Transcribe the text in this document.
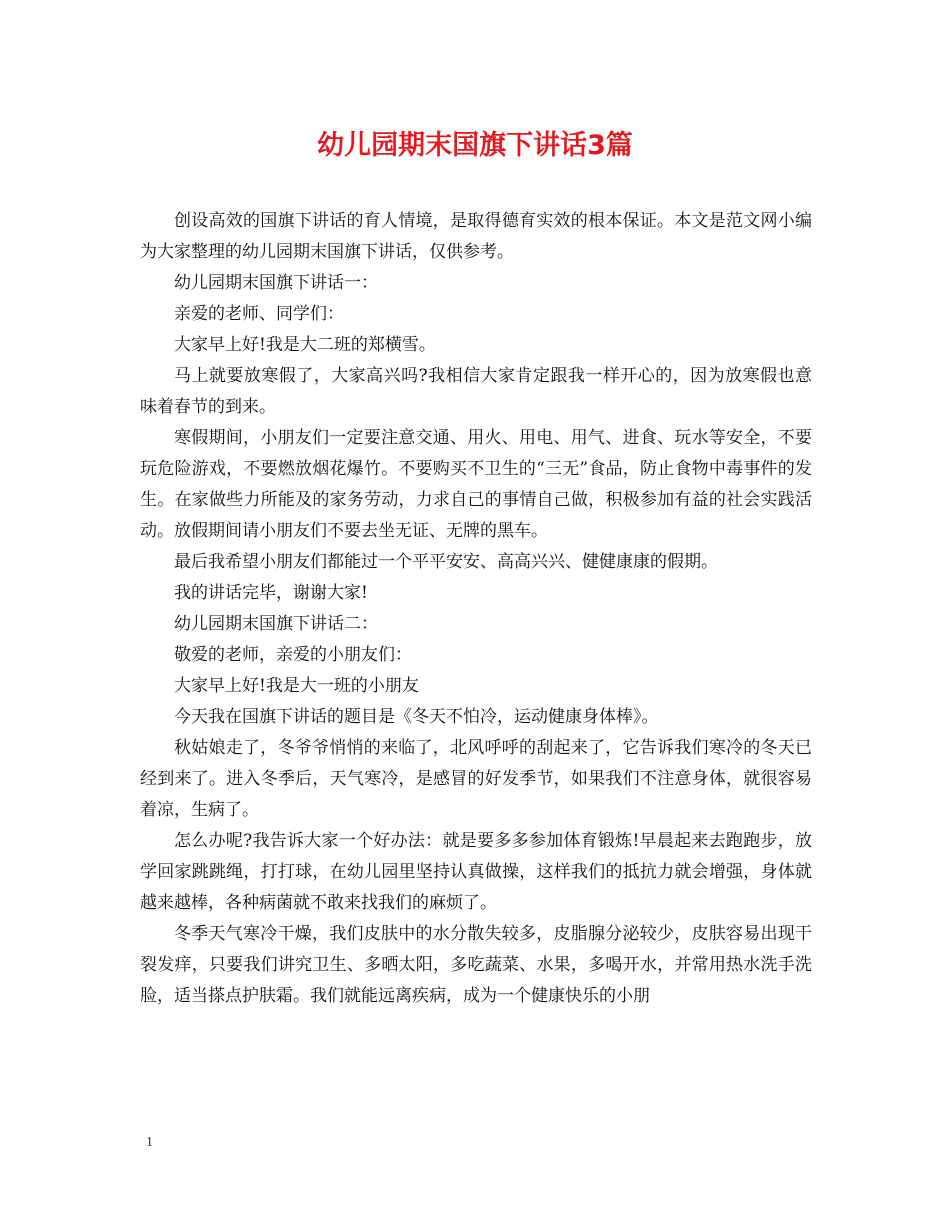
幼儿园期末国旗下讲话3篇

创设高效的国旗下讲话的育人情境，是取得德育实效的根本保证。本文是范文网小编为大家整理的幼儿园期末国旗下讲话，仅供参考。

幼儿园期末国旗下讲话一：

亲爱的老师、同学们：

大家早上好!我是大二班的郑横雪。

马上就要放寒假了，大家高兴吗?我相信大家肯定跟我一样开心的，因为放寒假也意味着春节的到来。

寒假期间，小朋友们一定要注意交通、用火、用电、用气、进食、玩水等安全，不要玩危险游戏，不要燃放烟花爆竹。不要购买不卫生的“三无”食品，防止食物中毒事件的发生。在家做些力所能及的家务劳动，力求自己的事情自己做，积极参加有益的社会实践活动。放假期间请小朋友们不要去坐无证、无牌的黑车。

最后我希望小朋友们都能过一个平平安安、高高兴兴、健健康康的假期。

我的讲话完毕，谢谢大家!

幼儿园期末国旗下讲话二：

敬爱的老师，亲爱的小朋友们：

大家早上好!我是大一班的小朋友

今天我在国旗下讲话的题目是《冬天不怕冷，运动健康身体棒》。

秋姑娘走了，冬爷爷悄悄的来临了，北风呼呼的刮起来了，它告诉我们寒冷的冬天已经到来了。进入冬季后，天气寒冷，是感冒的好发季节，如果我们不注意身体，就很容易着凉，生病了。

怎么办呢?我告诉大家一个好办法：就是要多多参加体育锻炼!早晨起来去跑跑步，放学回家跳跳绳，打打球，在幼儿园里坚持认真做操，这样我们的抵抗力就会增强，身体就越来越棒，各种病菌就不敢来找我们的麻烦了。

冬季天气寒冷干燥，我们皮肤中的水分散失较多，皮脂腺分泌较少，皮肤容易出现干裂发痒，只要我们讲究卫生、多晒太阳，多吃蔬菜、水果，多喝开水，并常用热水洗手洗脸，适当搽点护肤霜。我们就能远离疾病，成为一个健康快乐的小朋

1
